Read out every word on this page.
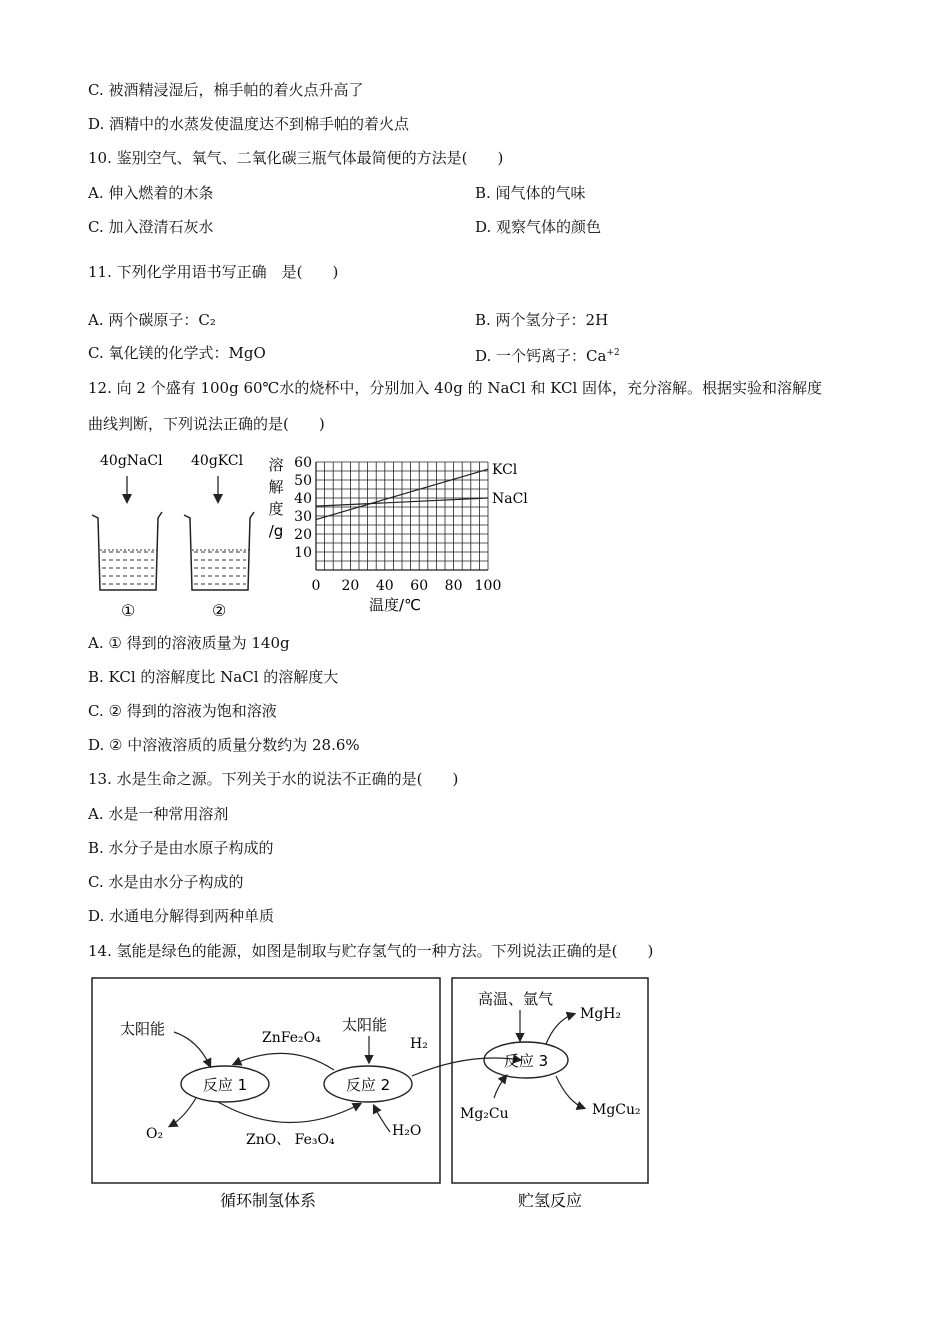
C. 被酒精浸湿后，棉手帕的着火点升高了
D. 酒精中的水蒸发使温度达不到棉手帕的着火点
10. 鉴别空气、氧气、二氧化碳三瓶气体最简便的方法是(　　)
A. 伸入燃着的木条	B. 闻气体的气味
C. 加入澄清石灰水	D. 观察气体的颜色
11. 下列化学用语书写正确　是(　　)
A. 两个碳原子：C₂	B. 两个氢分子：2H
C. 氧化镁的化学式：MgO	D. 一个钙离子：$Ca^{+2}$
12. 向 2 个盛有 100g 60℃水的烧杯中，分别加入 40g 的 NaCl 和 KCl 固体，充分溶解。根据实验和溶解度
曲线判断，下列说法正确的是(　　)
40gNaCl 40gKCl
①	②
溶
解
度
/g
10
20
30
40
50
60
0 20 40 60 80 100
KCl
NaCl
温度/℃
A. ① 得到的溶液质量为 140g
B. KCl 的溶解度比 NaCl 的溶解度大
C. ② 得到的溶液为饱和溶液
D. ② 中溶液溶质的质量分数约为 28.6%
13. 水是生命之源。下列关于水的说法不正确的是(　　)
A. 水是一种常用溶剂
B. 水分子是由水原子构成的
C. 水是由水分子构成的
D. 水通电分解得到两种单质
14. 氢能是绿色的能源，如图是制取与贮存氢气的一种方法。下列说法正确的是(　　)
太阳能	ZnFe₂O₄
太阳能
反应 1	反应 2
O₂	ZnO、 Fe₃O₄
H₂O
H₂
高温、氩气
反应 3
MgH₂
Mg₂Cu	MgCu₂
循环制氢体系	贮氢反应
